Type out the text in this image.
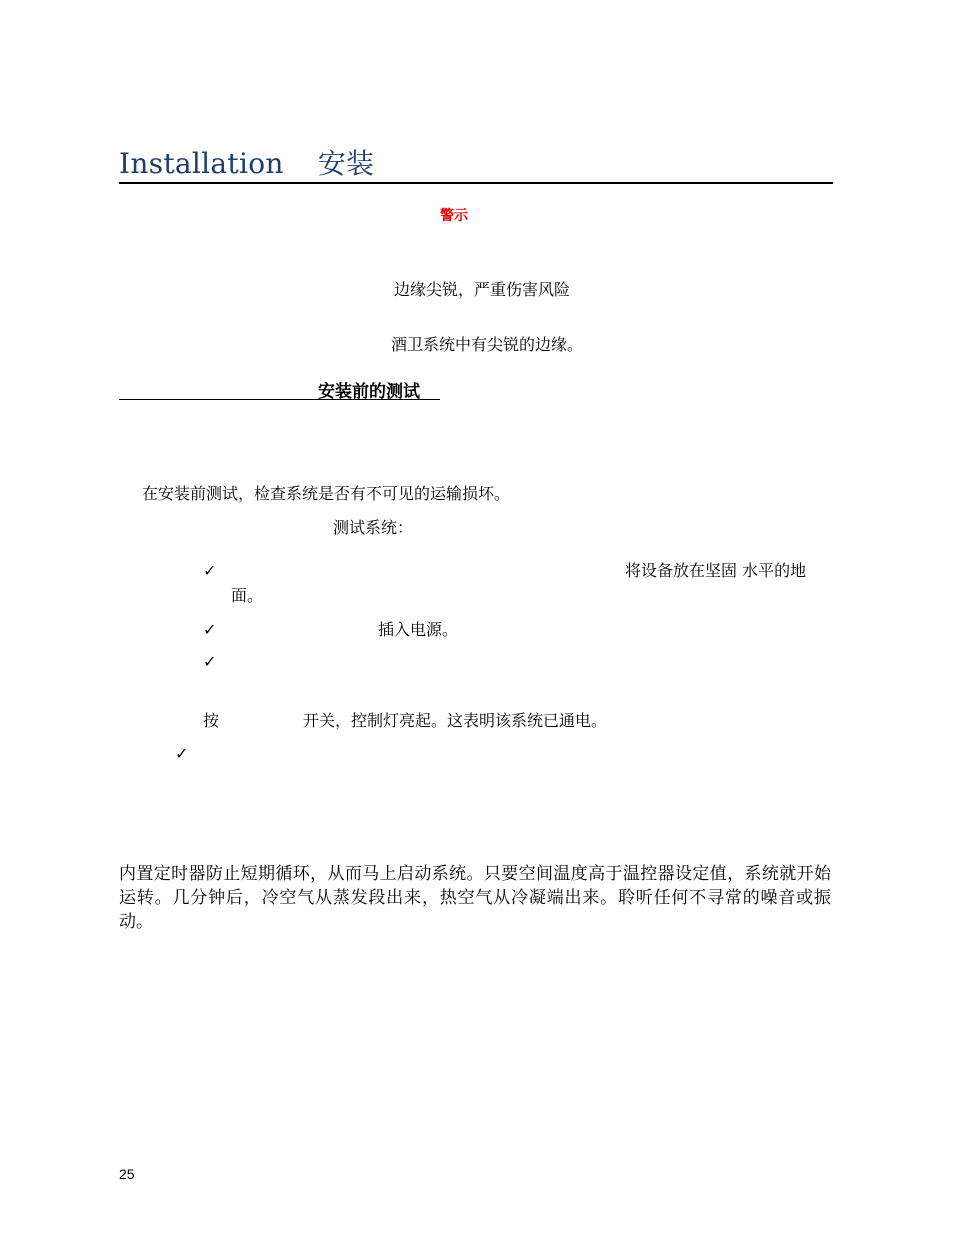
Installation 安装
警示
边缘尖锐，严重伤害风险
酒卫系统中有尖锐的边缘。
安装前的测试
在安装前测试，检查系统是否有不可见的运输损坏。
测试系统：
✓	将设备放在坚固 水平的地
面。
✓	插入电源。
✓
按	开关，控制灯亮起。这表明该系统已通电。
✓
内置定时器防止短期循环，从而马上启动系统。只要空间温度高于温控器设定值，系统就开始运转。几分钟后，冷空气从蒸发段出来，热空气从冷凝端出来。聆听任何不寻常的噪音或振动。
25
